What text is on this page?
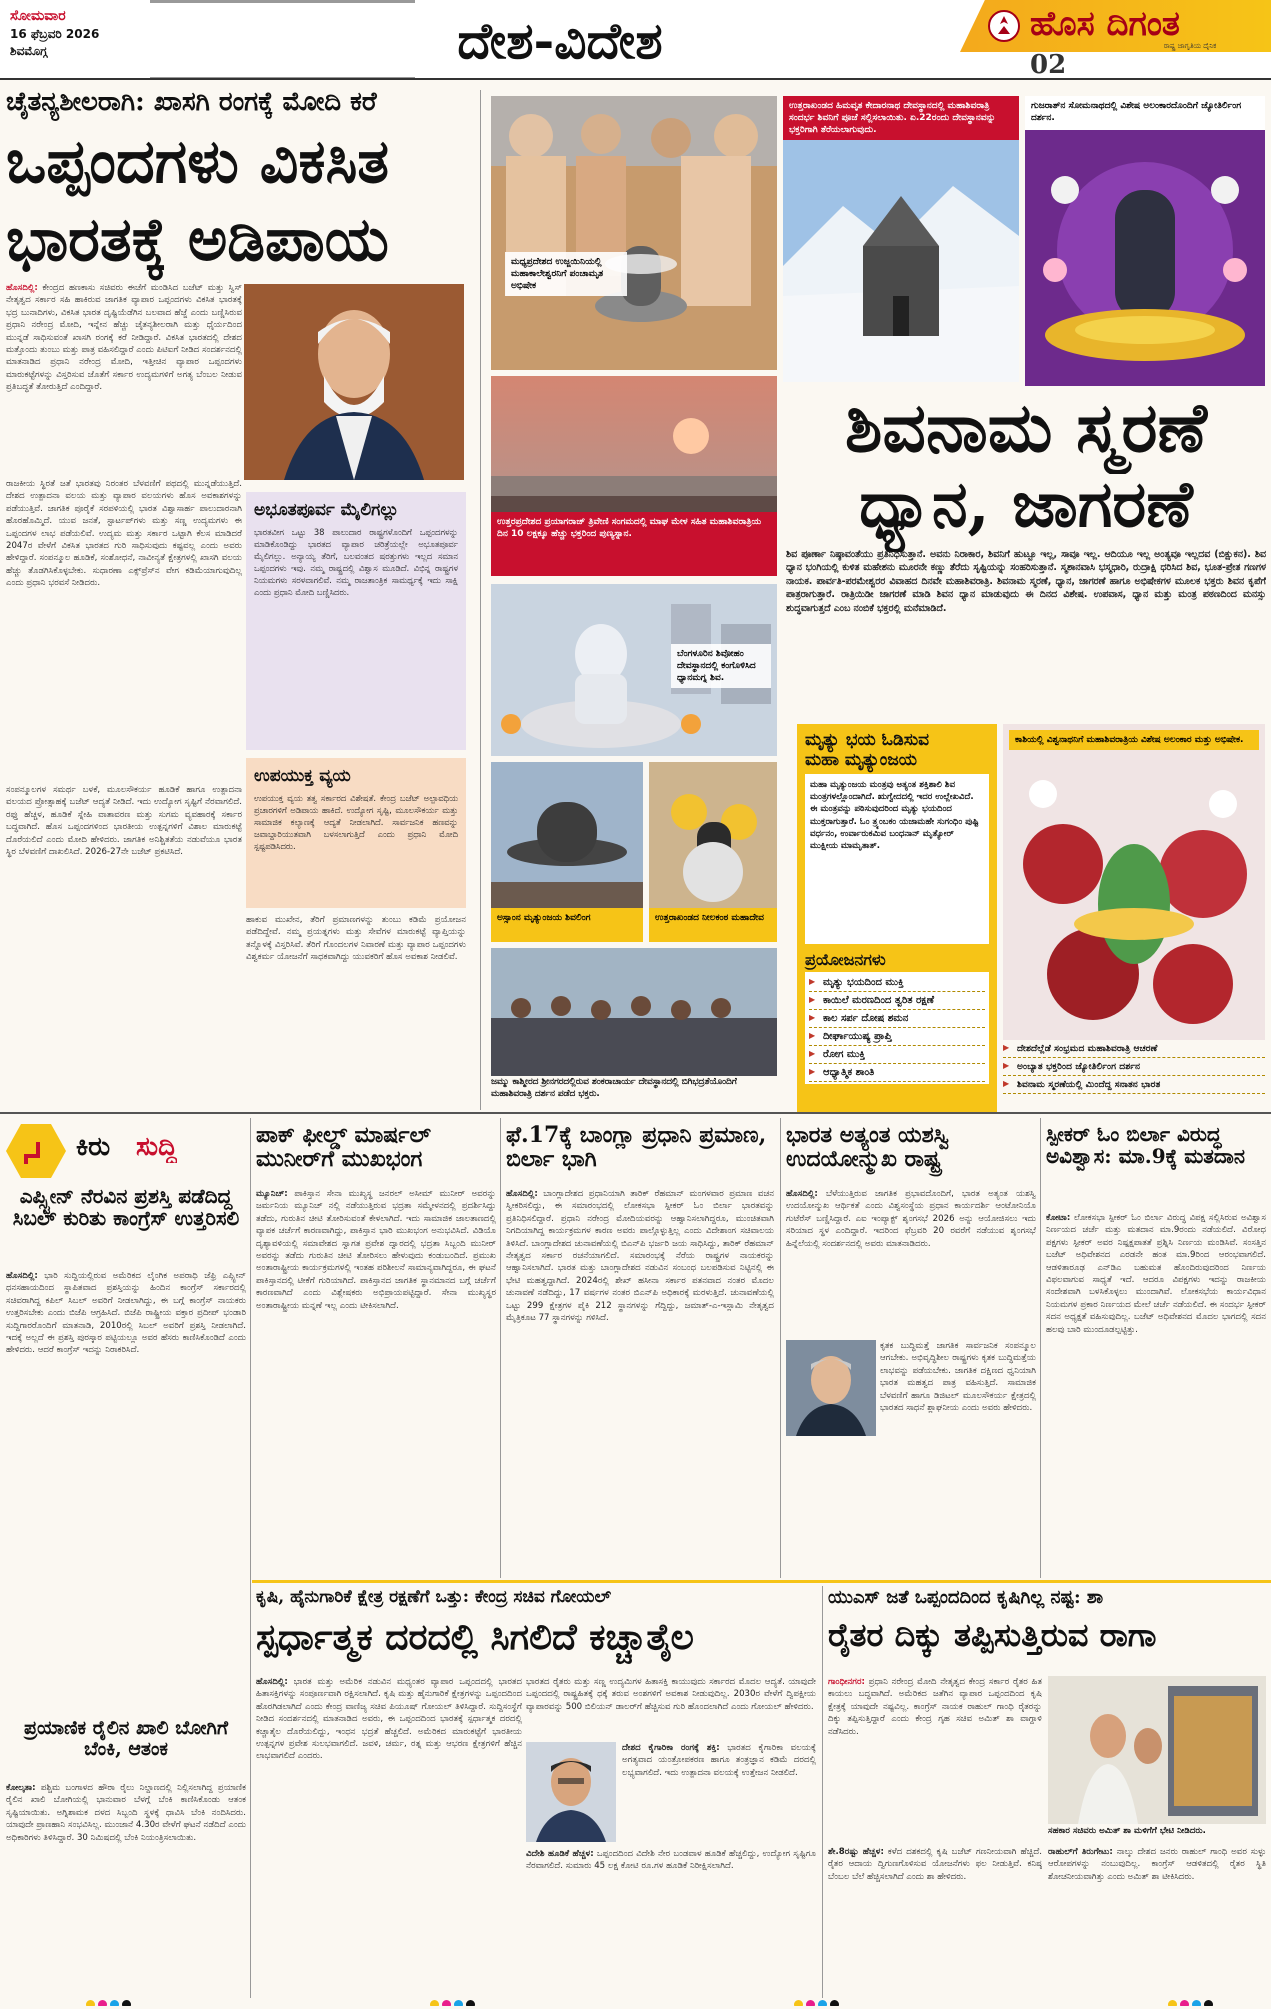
ಸೋಮವಾರ
16 ಫೆಬ್ರವರಿ 2026
ಶಿವಮೊಗ್ಗ	ದೇಶ-ವಿದೇಶ	ಹೊಸ ದಿಗಂತ
ರಾಷ್ಟ್ರ ಜಾಗೃತಿಯ ದೈನಿಕ
02
ಚೈತನ್ಯಶೀಲರಾಗಿ: ಖಾಸಗಿ ರಂಗಕ್ಕೆ ಮೋದಿ ಕರೆ
ಒಪ್ಪಂದಗಳು ವಿಕಸಿತ
ಭಾರತಕ್ಕೆ ಅಡಿಪಾಯ
ಹೊಸದಿಲ್ಲಿ: ಕೇಂದ್ರದ ಹಣಕಾಸು ಸಚಿವರು ಈಚೆಗೆ ಮಂಡಿಸಿದ ಬಜೆಟ್ ಮತ್ತು ಸ್ವಿಸ್ ನೇತೃತ್ವದ ಸರ್ಕಾರ ಸಹಿ ಹಾಕಿರುವ ಜಾಗತಿಕ ವ್ಯಾಪಾರ ಒಪ್ಪಂದಗಳು ವಿಕಸಿತ ಭಾರತಕ್ಕೆ ಭದ್ರ ಬುನಾದಿಗಳು, ವಿಕಸಿತ ಭಾರತ ದೃಷ್ಟಿಯೆಡೆಗಿನ ಬಲವಾದ ಹೆಜ್ಜೆ ಎಂದು ಬಣ್ಣಿಸಿರುವ ಪ್ರಧಾನಿ ನರೇಂದ್ರ ಮೋದಿ, ಇನ್ನೇನ ಹೆಚ್ಚು ಚೈತನ್ಯಶೀಲರಾಗಿ ಮತ್ತು ಧೈರ್ಯದಿಂದ ಮುನ್ನಡೆ ಸಾಧಿಸುವಂತೆ ಖಾಸಗಿ ರಂಗಕ್ಕೆ ಕರೆ ನೀಡಿದ್ದಾರೆ. ವಿಕಸಿತ ಭಾರತದಲ್ಲಿ ದೇಶದ ಮತ್ತೊಂದು ತುಂಬು ಮತ್ತು ಪಾತ್ರ ವಹಿಸಲಿದ್ದಾರೆ ಎಂದು ಪಿಟಿಐಗೆ ನೀಡಿದ ಸಂದರ್ಶನದಲ್ಲಿ ಮಾತನಾಡಿದ ಪ್ರಧಾನಿ ನರೇಂದ್ರ ಮೋದಿ, ಇತ್ತೀಚಿನ ವ್ಯಾಪಾರ ಒಪ್ಪಂದಗಳು ಮಾರುಕಟ್ಟೆಗಳನ್ನು ವಿಸ್ತರಿಸುವ ಜೊತೆಗೆ ಸರ್ಕಾರ ಉದ್ಯಮಗಳಿಗೆ ಅಗತ್ಯ ಬೆಂಬಲ ನೀಡುವ ಪ್ರತಿಬದ್ಧತೆ ತೋರುತ್ತಿದೆ ಎಂದಿದ್ದಾರೆ.
ರಾಜಕೀಯ ಸ್ಥಿರತೆ ಜತೆ ಭಾರತವು ನಿರಂತರ ಬೆಳವಣಿಗೆ ಪಥದಲ್ಲಿ ಮುನ್ನಡೆಯುತ್ತಿದೆ. ದೇಶದ ಉತ್ಪಾದನಾ ವಲಯ ಮತ್ತು ವ್ಯಾಪಾರ ವಲಯಗಳು ಹೊಸ ಅವಕಾಶಗಳನ್ನು ಪಡೆಯುತ್ತಿವೆ. ಜಾಗತಿಕ ಪೂರೈಕೆ ಸರಪಳಿಯಲ್ಲಿ ಭಾರತ ವಿಶ್ವಾಸಾರ್ಹ ಪಾಲುದಾರನಾಗಿ ಹೊರಹೊಮ್ಮಿದೆ. ಯುವ ಜನತೆ, ಸ್ಟಾರ್ಟಪ್‌ಗಳು ಮತ್ತು ಸಣ್ಣ ಉದ್ಯಮಗಳು ಈ ಒಪ್ಪಂದಗಳ ಲಾಭ ಪಡೆಯಲಿವೆ. ಉದ್ಯಮ ಮತ್ತು ಸರ್ಕಾರ ಒಟ್ಟಾಗಿ ಕೆಲಸ ಮಾಡಿದರೆ 2047ರ ವೇಳೆಗೆ ವಿಕಸಿತ ಭಾರತದ ಗುರಿ ಸಾಧಿಸುವುದು ಕಷ್ಟವಲ್ಲ ಎಂದು ಅವರು ಹೇಳಿದ್ದಾರೆ. ಸಂಪನ್ಮೂಲ ಹೂಡಿಕೆ, ಸಂಶೋಧನೆ, ನಾವೀನ್ಯತೆ ಕ್ಷೇತ್ರಗಳಲ್ಲಿ ಖಾಸಗಿ ವಲಯ ಹೆಚ್ಚು ತೊಡಗಿಸಿಕೊಳ್ಳಬೇಕು. ಸುಧಾರಣಾ ಎಕ್ಸ್‌ಪ್ರೆಸ್‌ನ ವೇಗ ಕಡಿಮೆಯಾಗುವುದಿಲ್ಲ ಎಂದು ಪ್ರಧಾನಿ ಭರವಸೆ ನೀಡಿದರು.
ಅಭೂತಪೂರ್ವ ಮೈಲಿಗಲ್ಲು
ಭಾರತವೀಗ ಒಟ್ಟು 38 ಪಾಲುದಾರ ರಾಷ್ಟ್ರಗಳೊಂದಿಗೆ ಒಪ್ಪಂದಗಳನ್ನು ಮಾಡಿಕೊಂಡಿದ್ದು ಭಾರತದ ವ್ಯಾಪಾರ ಚರಿತ್ರೆಯಲ್ಲೇ ಅಭೂತಪೂರ್ವ ಮೈಲಿಗಲ್ಲು. ಅನ್ಯಾಯ್ಯ ತೆರಿಗೆ, ಬಲವಂತದ ಷರತ್ತುಗಳು ಇಲ್ಲದ ಸಮಾನ ಒಪ್ಪಂದಗಳು ಇವು. ನಮ್ಮ ರಾಷ್ಟ್ರದಲ್ಲಿ ವಿಶ್ವಾಸ ಮೂಡಿದೆ. ವಿಭಿನ್ನ ರಾಷ್ಟ್ರಗಳ ನಿಯಮಗಳು ಸರಳವಾಗಲಿವೆ. ನಮ್ಮ ರಾಜತಾಂತ್ರಿಕ ಸಾಮರ್ಥ್ಯಕ್ಕೆ ಇದು ಸಾಕ್ಷಿ ಎಂದು ಪ್ರಧಾನಿ ಮೋದಿ ಬಣ್ಣಿಸಿದರು.
ಉಪಯುಕ್ತ ವ್ಯಯ
ಉಪಯುಕ್ತ ವ್ಯಯ ತತ್ವ ಸರ್ಕಾರದ ವಿಶೇಷತೆ. ಕೇಂದ್ರ ಬಜೆಟ್ ಅಲ್ಪಾವಧಿಯ ಪ್ರಚಾರಗಳಿಗೆ ಅಡಿಪಾಯ ಹಾಕಿದೆ. ಉದ್ಯೋಗ ಸೃಷ್ಟಿ, ಮೂಲಸೌಕರ್ಯ ಮತ್ತು ಸಾಮಾಜಿಕ ಕಲ್ಯಾಣಕ್ಕೆ ಆದ್ಯತೆ ನೀಡಲಾಗಿದೆ. ಸಾರ್ವಜನಿಕ ಹಣವನ್ನು ಜವಾಬ್ದಾರಿಯುತವಾಗಿ ಬಳಸಲಾಗುತ್ತಿದೆ ಎಂದು ಪ್ರಧಾನಿ ಮೋದಿ ಸ್ಪಷ್ಟಪಡಿಸಿದರು.
ಸಂಪನ್ಮೂಲಗಳ ಸಮರ್ಥ ಬಳಕೆ, ಮೂಲಸೌಕರ್ಯ ಹೂಡಿಕೆ ಹಾಗೂ ಉತ್ಪಾದನಾ ವಲಯದ ಪ್ರೋತ್ಸಾಹಕ್ಕೆ ಬಜೆಟ್ ಆದ್ಯತೆ ನೀಡಿದೆ. ಇದು ಉದ್ಯೋಗ ಸೃಷ್ಟಿಗೆ ನೆರವಾಗಲಿದೆ. ರಫ್ತು ಹೆಚ್ಚಳ, ಹೂಡಿಕೆ ಸ್ನೇಹಿ ವಾತಾವರಣ ಮತ್ತು ಸುಗಮ ವ್ಯವಹಾರಕ್ಕೆ ಸರ್ಕಾರ ಬದ್ಧವಾಗಿದೆ. ಹೊಸ ಒಪ್ಪಂದಗಳಿಂದ ಭಾರತೀಯ ಉತ್ಪನ್ನಗಳಿಗೆ ವಿಶಾಲ ಮಾರುಕಟ್ಟೆ ದೊರೆಯಲಿದೆ ಎಂದು ಮೋದಿ ಹೇಳಿದರು. ಜಾಗತಿಕ ಅನಿಶ್ಚಿತತೆಯ ನಡುವೆಯೂ ಭಾರತ ಸ್ಥಿರ ಬೆಳವಣಿಗೆ ದಾಖಲಿಸಿದೆ. 2026-27ನೇ ಬಜೆಟ್ ಪ್ರಕಟಿಸಿದೆ.
ಹಾಕುವ ಮುಖೇನ, ತೆರಿಗೆ ಪ್ರಮಾಣಗಳನ್ನು ತುಂಬು ಕಡಿಮೆ ಪ್ರಯೋಜನ ಪಡೆದಿದ್ದೇವೆ. ನಮ್ಮ ಪ್ರಯತ್ನಗಳು ಮತ್ತು ಸೇವೆಗಳ ಮಾರುಕಟ್ಟೆ ವ್ಯಾಪ್ತಿಯನ್ನು ತನ್ನೊಳಕ್ಕೆ ವಿಸ್ತರಿಸಿವೆ. ತೆರಿಗೆ ಗೊಂದಲಗಳ ನಿವಾರಣೆ ಮತ್ತು ವ್ಯಾಪಾರ ಒಪ್ಪಂದಗಳು ವಿಶ್ವಕರ್ಮ ಯೋಜನೆಗೆ ಸಾಧಕವಾಗಿದ್ದು ಯುವಕರಿಗೆ ಹೊಸ ಅವಕಾಶ ನೀಡಲಿವೆ.
ಮಧ್ಯಪ್ರದೇಶದ ಉಜ್ಜಯಿನಿಯಲ್ಲಿ ಮಹಾಕಾಲೇಶ್ವರನಿಗೆ ಪಂಚಾಮೃತ ಅಭಿಷೇಕ
ಉತ್ತರಾಖಂಡದ ಹಿಮವೃತ ಕೇದಾರನಾಥ ದೇವಸ್ಥಾನದಲ್ಲಿ ಮಹಾಶಿವರಾತ್ರಿ ಸಂದರ್ಭ ಶಿವನಿಗೆ ಪೂಜೆ ಸಲ್ಲಿಸಲಾಯಿತು. ಏ.22ರಂದು ದೇವಸ್ಥಾನವನ್ನು ಭಕ್ತರಿಗಾಗಿ ತೆರೆಯಲಾಗುವುದು.
ಗುಜರಾತ್‌ನ ಸೋಮನಾಥದಲ್ಲಿ ವಿಶೇಷ ಅಲಂಕಾರದೊಂದಿಗೆ ಜ್ಯೋತಿರ್ಲಿಂಗ ದರ್ಶನ.
ಉತ್ತರಪ್ರದೇಶದ ಪ್ರಯಾಗರಾಜ್ ತ್ರಿವೇಣಿ ಸಂಗಮದಲ್ಲಿ ಮಾಘ ಮೇಳ ಸಹಿತ ಮಹಾಶಿವರಾತ್ರಿಯ ದಿನ 10 ಲಕ್ಷಕ್ಕೂ ಹೆಚ್ಚು ಭಕ್ತರಿಂದ ಪುಣ್ಯಸ್ನಾನ.
ಶಿವನಾಮ ಸ್ಮರಣೆ
ಧ್ಯಾನ, ಜಾಗರಣೆ
ಶಿವ ಪೂರ್ಣಾ ನಿಷ್ಠಾವಂತೆಯು ಪ್ರತಿನಿಧಿಸುತ್ತಾನೆ. ಅವನು ನಿರಾಕಾರ, ಶಿವನಿಗೆ ಹುಟ್ಟೂ ಇಲ್ಲ, ಸಾವೂ ಇಲ್ಲ. ಆದಿಯೂ ಇಲ್ಲ ಅಂತ್ಯವೂ ಇಲ್ಲದವ (ಬಿಕ್ಷುಕನ). ಶಿವ ಧ್ಯಾನ ಭಂಗಿಯಲ್ಲಿ ಕುಳಿತ ಮಹೇಶನು ಮೂರನೇ ಕಣ್ಣು ತೆರೆದು ಸೃಷ್ಟಿಯನ್ನು ಸಂಹರಿಸುತ್ತಾನೆ. ಸ್ಮಶಾನವಾಸಿ ಭಸ್ಮಧಾರಿ, ರುದ್ರಾಕ್ಷಿ ಧರಿಸಿದ ಶಿವ, ಭೂತ-ಪ್ರೇತ ಗಣಗಳ ನಾಯಕ. ಪಾರ್ವತಿ-ಪರಮೇಶ್ವರರ ವಿವಾಹದ ದಿನವೇ ಮಹಾಶಿವರಾತ್ರಿ. ಶಿವನಾಮ ಸ್ಮರಣೆ, ಧ್ಯಾನ, ಜಾಗರಣೆ ಹಾಗೂ ಅಭಿಷೇಕಗಳ ಮೂಲಕ ಭಕ್ತರು ಶಿವನ ಕೃಪೆಗೆ ಪಾತ್ರರಾಗುತ್ತಾರೆ. ರಾತ್ರಿಯಿಡೀ ಜಾಗರಣೆ ಮಾಡಿ ಶಿವನ ಧ್ಯಾನ ಮಾಡುವುದು ಈ ದಿನದ ವಿಶೇಷ. ಉಪವಾಸ, ಧ್ಯಾನ ಮತ್ತು ಮಂತ್ರ ಪಠಣದಿಂದ ಮನಸ್ಸು ಶುದ್ಧವಾಗುತ್ತದೆ ಎಂಬ ನಂಬಿಕೆ ಭಕ್ತರಲ್ಲಿ ಮನೆಮಾಡಿದೆ.
ಬೆಂಗಳೂರಿನ ಶಿವೋಹಂ ದೇವಸ್ಥಾನದಲ್ಲಿ ಕಂಗೊಳಿಸಿದ ಧ್ಯಾನಮಗ್ನ ಶಿವ.
ಅಸ್ಸಾಂನ ಮೃತ್ಯುಂಜಯ ಶಿವಲಿಂಗ	ಉತ್ತರಾಖಂಡದ ನೀಲಕಂಠ ಮಹಾದೇವ
ಜಮ್ಮು ಕಾಶ್ಮೀರದ ಶ್ರೀನಗರದಲ್ಲಿರುವ ಶಂಕರಾಚಾರ್ಯ ದೇವಸ್ಥಾನದಲ್ಲಿ ಬಿಗಿಭದ್ರತೆಯೊಂದಿಗೆ ಮಹಾಶಿವರಾತ್ರಿ ದರ್ಶನ ಪಡೆದ ಭಕ್ತರು.
ಮೃತ್ಯು ಭಯ ಓಡಿಸುವ
ಮಹಾ ಮೃತ್ಯುಂಜಯ
ಮಹಾ ಮೃತ್ಯುಂಜಯ ಮಂತ್ರವು ಅತ್ಯಂತ ಶಕ್ತಿಶಾಲಿ ಶಿವ ಮಂತ್ರಗಳಲ್ಲೊಂದಾಗಿದೆ. ಋಗ್ವೇದದಲ್ಲಿ ಇದರ ಉಲ್ಲೇಖವಿದೆ. ಈ ಮಂತ್ರವನ್ನು ಪಠಿಸುವುದರಿಂದ ಮೃತ್ಯು ಭಯದಿಂದ ಮುಕ್ತರಾಗುತ್ತಾರೆ. ಓಂ ತ್ರ್ಯಂಬಕಂ ಯಜಾಮಹೇ ಸುಗಂಧಿಂ ಪುಷ್ಟಿ ವರ್ಧನಂ, ಉರ್ವಾರುಕಮಿವ ಬಂಧನಾನ್ ಮೃತ್ಯೋರ್ ಮುಕ್ಷೀಯ ಮಾಮೃತಾತ್.
ಪ್ರಯೋಜನಗಳು
▶ ಮೃತ್ಯು ಭಯದಿಂದ ಮುಕ್ತಿ
▶ ಕಾಯಿಲೆ ಮರಣದಿಂದ ತ್ವರಿತ ರಕ್ಷಣೆ
▶ ಕಾಲ ಸರ್ಪ ದೋಷ ಶಮನ
▶ ದೀರ್ಘಾಯುಷ್ಯ ಪ್ರಾಪ್ತಿ
▶ ರೋಗ ಮುಕ್ತಿ
▶ ಆಧ್ಯಾತ್ಮಿಕ ಶಾಂತಿ
ಕಾಶಿಯಲ್ಲಿ ವಿಶ್ವನಾಥನಿಗೆ ಮಹಾಶಿವರಾತ್ರಿಯ ವಿಶೇಷ ಅಲಂಕಾರ ಮತ್ತು ಅಭಿಷೇಕ.
▶ ದೇಶದೆಲ್ಲೆಡೆ ಸಂಭ್ರಮದ ಮಹಾಶಿವರಾತ್ರಿ ಆಚರಣೆ
▶ ಅಂಬ್ಯಾತ ಭಕ್ತರಿಂದ ಜ್ಯೋತಿರ್ಲಿಂಗ ದರ್ಶನ
▶ ಶಿವನಾಮ ಸ್ಮರಣೆಯಲ್ಲಿ ಮಿಂದೆದ್ದ ಸನಾತನ ಭಾರತ
ಕಿರು ಸುದ್ದಿ
ಎಪ್ಸ್ಟೀನ್ ನೆರವಿನ ಪ್ರಶಸ್ತಿ ಪಡೆದಿದ್ದ ಸಿಬಲ್ ಕುರಿತು ಕಾಂಗ್ರೆಸ್ ಉತ್ತರಿಸಲಿ
ಹೊಸದಿಲ್ಲಿ: ಭಾರಿ ಸುದ್ದಿಯಲ್ಲಿರುವ ಅಮೆರಿಕದ ಲೈಂಗಿಕ ಅಪರಾಧಿ ಜೆಫ್ರಿ ಎಪ್ಸ್ಟೀನ್ ಧನಸಹಾಯದಿಂದ ಸ್ಥಾಪಿತವಾದ ಪ್ರಶಸ್ತಿಯನ್ನು ಹಿಂದಿನ ಕಾಂಗ್ರೆಸ್ ಸರ್ಕಾರದಲ್ಲಿ ಸಚಿವರಾಗಿದ್ದ ಕಪಿಲ್ ಸಿಬಲ್ ಅವರಿಗೆ ನೀಡಲಾಗಿದ್ದು, ಈ ಬಗ್ಗೆ ಕಾಂಗ್ರೆಸ್ ನಾಯಕರು ಉತ್ತರಿಸಬೇಕು ಎಂದು ಬಿಜೆಪಿ ಆಗ್ರಹಿಸಿದೆ. ಬಿಜೆಪಿ ರಾಷ್ಟ್ರೀಯ ವಕ್ತಾರ ಪ್ರದೀಪ್ ಭಂಡಾರಿ ಸುದ್ದಿಗಾರರೊಂದಿಗೆ ಮಾತನಾಡಿ, 2010ರಲ್ಲಿ ಸಿಬಲ್ ಅವರಿಗೆ ಪ್ರಶಸ್ತಿ ನೀಡಲಾಗಿದೆ. ಇದಕ್ಕೆ ಅಲ್ಲದೆ ಈ ಪ್ರಶಸ್ತಿ ಪುರಸ್ಕಾರ ಪಟ್ಟಿಯಲ್ಲೂ ಅವರ ಹೆಸರು ಕಾಣಿಸಿಕೊಂಡಿದೆ ಎಂದು ಹೇಳಿದರು. ಆದರೆ ಕಾಂಗ್ರೆಸ್ ಇದನ್ನು ನಿರಾಕರಿಸಿದೆ.
ಪ್ರಯಾಣಿಕ ರೈಲಿನ ಖಾಲಿ ಬೋಗಿಗೆ ಬೆಂಕಿ, ಆತಂಕ
ಕೋಲ್ಕತಾ: ಪಶ್ಚಿಮ ಬಂಗಾಳದ ಹೌರಾ ರೈಲು ನಿಲ್ದಾಣದಲ್ಲಿ ನಿಲ್ಲಿಸಲಾಗಿದ್ದ ಪ್ರಯಾಣಿಕ ರೈಲಿನ ಖಾಲಿ ಬೋಗಿಯಲ್ಲಿ ಭಾನುವಾರ ಬೆಳಗ್ಗೆ ಬೆಂಕಿ ಕಾಣಿಸಿಕೊಂಡು ಆತಂಕ ಸೃಷ್ಟಿಯಾಯಿತು. ಅಗ್ನಿಶಾಮಕ ದಳದ ಸಿಬ್ಬಂದಿ ಸ್ಥಳಕ್ಕೆ ಧಾವಿಸಿ ಬೆಂಕಿ ನಂದಿಸಿದರು. ಯಾವುದೇ ಪ್ರಾಣಹಾನಿ ಸಂಭವಿಸಿಲ್ಲ. ಮುಂಜಾನೆ 4.30ರ ವೇಳೆಗೆ ಘಟನೆ ನಡೆದಿದೆ ಎಂದು ಅಧಿಕಾರಿಗಳು ತಿಳಿಸಿದ್ದಾರೆ. 30 ನಿಮಿಷದಲ್ಲಿ ಬೆಂಕಿ ನಿಯಂತ್ರಿಸಲಾಯಿತು.
ಪಾಕ್ ಫೀಲ್ಡ್ ಮಾರ್ಷಲ್ ಮುನೀರ್‌ಗೆ ಮುಖಭಂಗ
ಮ್ಯೂನಿಚ್: ಪಾಕಿಸ್ತಾನ ಸೇನಾ ಮುಖ್ಯಸ್ಥ ಜನರಲ್ ಅಸೀಮ್ ಮುನೀರ್ ಅವರನ್ನು ಜರ್ಮನಿಯ ಮ್ಯೂನಿಚ್ ನಲ್ಲಿ ನಡೆಯುತ್ತಿರುವ ಭದ್ರತಾ ಸಮ್ಮೇಳನದಲ್ಲಿ ಪ್ರದರ್ಶಿಸಿದ್ದು ತಡೆದು, ಗುರುತಿನ ಚೀಟಿ ತೋರಿಸುವಂತೆ ಕೇಳಲಾಗಿದೆ. ಇದು ಸಾಮಾಜಿಕ ಜಾಲತಾಣದಲ್ಲಿ ವ್ಯಾಪಕ ಚರ್ಚೆಗೆ ಕಾರಣವಾಗಿದ್ದು, ಪಾಕಿಸ್ತಾನ ಭಾರಿ ಮುಖಭಂಗ ಅನುಭವಿಸಿದೆ. ವಿಡಿಯೊ ದೃಶ್ಯಾವಳಿಯಲ್ಲಿ ಸಮಾವೇಶದ ಸ್ವಾಗತ ಪ್ರವೇಶ ದ್ವಾರದಲ್ಲಿ ಭದ್ರತಾ ಸಿಬ್ಬಂದಿ ಮುನೀರ್ ಅವರನ್ನು ತಡೆದು ಗುರುತಿನ ಚೀಟಿ ತೋರಿಸಲು ಹೇಳುವುದು ಕಂಡುಬಂದಿದೆ. ಪ್ರಮುಖ ಅಂತಾರಾಷ್ಟ್ರೀಯ ಕಾರ್ಯಕ್ರಮಗಳಲ್ಲಿ ಇಂತಹ ಪರಿಶೀಲನೆ ಸಾಮಾನ್ಯವಾಗಿದ್ದರೂ, ಈ ಘಟನೆ ಪಾಕಿಸ್ತಾನದಲ್ಲಿ ಟೀಕೆಗೆ ಗುರಿಯಾಗಿದೆ. ಪಾಕಿಸ್ತಾನದ ಜಾಗತಿಕ ಸ್ಥಾನಮಾನದ ಬಗ್ಗೆ ಚರ್ಚೆಗೆ ಕಾರಣವಾಗಿದೆ ಎಂದು ವಿಶ್ಲೇಷಕರು ಅಭಿಪ್ರಾಯಪಟ್ಟಿದ್ದಾರೆ. ಸೇನಾ ಮುಖ್ಯಸ್ಥರ ಅಂತಾರಾಷ್ಟ್ರೀಯ ಮನ್ನಣೆ ಇಲ್ಲ ಎಂದು ಟೀಕಿಸಲಾಗಿದೆ.
ಫೆ.17ಕ್ಕೆ ಬಾಂಗ್ಲಾ ಪ್ರಧಾನಿ ಪ್ರಮಾಣ, ಬಿರ್ಲಾ ಭಾಗಿ
ಹೊಸದಿಲ್ಲಿ: ಬಾಂಗ್ಲಾದೇಶದ ಪ್ರಧಾನಿಯಾಗಿ ತಾರಿಕ್ ರೆಹಮಾನ್ ಮಂಗಳವಾರ ಪ್ರಮಾಣ ವಚನ ಸ್ವೀಕರಿಸಲಿದ್ದು, ಈ ಸಮಾರಂಭದಲ್ಲಿ ಲೋಕಸಭಾ ಸ್ಪೀಕರ್ ಓಂ ಬಿರ್ಲಾ ಭಾರತವನ್ನು ಪ್ರತಿನಿಧಿಸಲಿದ್ದಾರೆ. ಪ್ರಧಾನಿ ನರೇಂದ್ರ ಮೋದಿಯವರನ್ನು ಆಹ್ವಾನಿಸಲಾಗಿದ್ದರೂ, ಮುಂಚಿತವಾಗಿ ನಿಗದಿಯಾಗಿದ್ದ ಕಾರ್ಯಕ್ರಮಗಳ ಕಾರಣ ಅವರು ಪಾಲ್ಗೊಳ್ಳುತ್ತಿಲ್ಲ ಎಂದು ವಿದೇಶಾಂಗ ಸಚಿವಾಲಯ ತಿಳಿಸಿದೆ. ಬಾಂಗ್ಲಾದೇಶದ ಚುನಾವಣೆಯಲ್ಲಿ ಬಿಎನ್‌ಪಿ ಭರ್ಜರಿ ಜಯ ಸಾಧಿಸಿದ್ದು, ತಾರಿಕ್ ರೆಹಮಾನ್ ನೇತೃತ್ವದ ಸರ್ಕಾರ ರಚನೆಯಾಗಲಿದೆ. ಸಮಾರಂಭಕ್ಕೆ ನೆರೆಯ ರಾಷ್ಟ್ರಗಳ ನಾಯಕರನ್ನು ಆಹ್ವಾನಿಸಲಾಗಿದೆ. ಭಾರತ ಮತ್ತು ಬಾಂಗ್ಲಾದೇಶದ ನಡುವಿನ ಸಂಬಂಧ ಬಲಪಡಿಸುವ ನಿಟ್ಟಿನಲ್ಲಿ ಈ ಭೇಟಿ ಮಹತ್ವದ್ದಾಗಿದೆ. 2024ರಲ್ಲಿ ಶೇಖ್ ಹಸೀನಾ ಸರ್ಕಾರ ಪತನವಾದ ನಂತರ ಮೊದಲ ಚುನಾವಣೆ ನಡೆದಿದ್ದು, 17 ವರ್ಷಗಳ ನಂತರ ಬಿಎನ್‌ಪಿ ಅಧಿಕಾರಕ್ಕೆ ಮರಳುತ್ತಿದೆ. ಚುನಾವಣೆಯಲ್ಲಿ ಒಟ್ಟು 299 ಕ್ಷೇತ್ರಗಳ ಪೈಕಿ 212 ಸ್ಥಾನಗಳನ್ನು ಗೆದ್ದಿದ್ದು, ಜಮಾತ್-ಎ-ಇಸ್ಲಾಮಿ ನೇತೃತ್ವದ ಮೈತ್ರಿಕೂಟ 77 ಸ್ಥಾನಗಳನ್ನು ಗಳಿಸಿದೆ.
ಭಾರತ ಅತ್ಯಂತ ಯಶಸ್ವಿ ಉದಯೋನ್ಮುಖ ರಾಷ್ಟ್ರ
ಹೊಸದಿಲ್ಲಿ: ಬೆಳೆಯುತ್ತಿರುವ ಜಾಗತಿಕ ಪ್ರಭಾವದೊಂದಿಗೆ, ಭಾರತ ಅತ್ಯಂತ ಯಶಸ್ವಿ ಉದಯೋನ್ಮುಖ ಆರ್ಥಿಕತೆ ಎಂದು ವಿಶ್ವಸಂಸ್ಥೆಯ ಪ್ರಧಾನ ಕಾರ್ಯದರ್ಶಿ ಆಂಟೋನಿಯೊ ಗುಟೆರೆಸ್ ಬಣ್ಣಿಸಿದ್ದಾರೆ. ಎಐ ಇಂಪ್ಯಾಕ್ಟ್ ಶೃಂಗಸಭೆ 2026 ಅನ್ನು ಆಯೋಜಿಸಲು ಇದು ಸರಿಯಾದ ಸ್ಥಳ ಎಂದಿದ್ದಾರೆ. ಇದರಿಂದ ಫೆಬ್ರವರಿ 20 ರವರೆಗೆ ನಡೆಯುವ ಶೃಂಗಸಭೆ ಹಿನ್ನೆಲೆಯಲ್ಲಿ ಸಂದರ್ಶನದಲ್ಲಿ ಅವರು ಮಾತನಾಡಿದರು.
ಕೃತಕ ಬುದ್ಧಿಮತ್ತೆ ಜಾಗತಿಕ ಸಾರ್ವಜನಿಕ ಸಂಪನ್ಮೂಲ ಆಗಬೇಕು. ಅಭಿವೃದ್ಧಿಶೀಲ ರಾಷ್ಟ್ರಗಳು ಕೃತಕ ಬುದ್ಧಿಮತ್ತೆಯ ಲಾಭವನ್ನು ಪಡೆಯಬೇಕು. ಜಾಗತಿಕ ದಕ್ಷಿಣದ ಧ್ವನಿಯಾಗಿ ಭಾರತ ಮಹತ್ವದ ಪಾತ್ರ ವಹಿಸುತ್ತಿದೆ. ಸಾಮಾಜಿಕ ಬೆಳವಣಿಗೆ ಹಾಗೂ ಡಿಜಿಟಲ್ ಮೂಲಸೌಕರ್ಯ ಕ್ಷೇತ್ರದಲ್ಲಿ ಭಾರತದ ಸಾಧನೆ ಶ್ಲಾಘನೀಯ ಎಂದು ಅವರು ಹೇಳಿದರು.
ಸ್ಪೀಕರ್ ಓಂ ಬಿರ್ಲಾ ವಿರುದ್ಧ ಅವಿಶ್ವಾಸ: ಮಾ.9ಕ್ಕೆ ಮತದಾನ
ಕೋಟಾ: ಲೋಕಸಭಾ ಸ್ಪೀಕರ್ ಓಂ ಬಿರ್ಲಾ ವಿರುದ್ಧ ವಿಪಕ್ಷ ಸಲ್ಲಿಸಿರುವ ಅವಿಶ್ವಾಸ ನಿರ್ಣಯದ ಚರ್ಚೆ ಮತ್ತು ಮತದಾನ ಮಾ.9ರಂದು ನಡೆಯಲಿದೆ. ವಿರೋಧ ಪಕ್ಷಗಳು ಸ್ಪೀಕರ್ ಅವರ ನಿಷ್ಪಕ್ಷಪಾತತೆ ಪ್ರಶ್ನಿಸಿ ನಿರ್ಣಯ ಮಂಡಿಸಿವೆ. ಸಂಸತ್ತಿನ ಬಜೆಟ್ ಅಧಿವೇಶನದ ಎರಡನೇ ಹಂತ ಮಾ.9ರಿಂದ ಆರಂಭವಾಗಲಿದೆ. ಆಡಳಿತಾರೂಢ ಎನ್‌ಡಿಎ ಬಹುಮತ ಹೊಂದಿರುವುದರಿಂದ ನಿರ್ಣಯ ವಿಫಲವಾಗುವ ಸಾಧ್ಯತೆ ಇದೆ. ಆದರೂ ವಿಪಕ್ಷಗಳು ಇದನ್ನು ರಾಜಕೀಯ ಸಂದೇಶವಾಗಿ ಬಳಸಿಕೊಳ್ಳಲು ಮುಂದಾಗಿವೆ. ಲೋಕಸಭೆಯ ಕಾರ್ಯವಿಧಾನ ನಿಯಮಗಳ ಪ್ರಕಾರ ನಿರ್ಣಯದ ಮೇಲೆ ಚರ್ಚೆ ನಡೆಯಲಿದೆ. ಈ ಸಂದರ್ಭ ಸ್ಪೀಕರ್ ಸದನ ಅಧ್ಯಕ್ಷತೆ ವಹಿಸುವುದಿಲ್ಲ. ಬಜೆಟ್ ಅಧಿವೇಶನದ ಮೊದಲ ಭಾಗದಲ್ಲಿ ಸದನ ಹಲವು ಬಾರಿ ಮುಂದೂಡಲ್ಪಟ್ಟಿತ್ತು.
ಕೃಷಿ, ಹೈನುಗಾರಿಕೆ ಕ್ಷೇತ್ರ ರಕ್ಷಣೆಗೆ ಒತ್ತು: ಕೇಂದ್ರ ಸಚಿವ ಗೋಯಲ್
ಸ್ಪರ್ಧಾತ್ಮಕ ದರದಲ್ಲಿ ಸಿಗಲಿದೆ ಕಚ್ಚಾತೈಲ
ಹೊಸದಿಲ್ಲಿ: ಭಾರತ ಮತ್ತು ಅಮೆರಿಕ ನಡುವಿನ ಮಧ್ಯಂತರ ವ್ಯಾಪಾರ ಒಪ್ಪಂದದಲ್ಲಿ ಭಾರತದ ಹಿತಾಸಕ್ತಿಗಳನ್ನು ಸಂಪೂರ್ಣವಾಗಿ ರಕ್ಷಿಸಲಾಗಿದೆ. ಕೃಷಿ ಮತ್ತು ಹೈನುಗಾರಿಕೆ ಕ್ಷೇತ್ರಗಳನ್ನು ಒಪ್ಪಂದದಿಂದ ಹೊರಗಿಡಲಾಗಿದೆ ಎಂದು ಕೇಂದ್ರ ವಾಣಿಜ್ಯ ಸಚಿವ ಪಿಯೂಷ್ ಗೋಯಲ್ ತಿಳಿಸಿದ್ದಾರೆ. ಸುದ್ದಿಸಂಸ್ಥೆಗೆ ನೀಡಿದ ಸಂದರ್ಶನದಲ್ಲಿ ಮಾತನಾಡಿದ ಅವರು, ಈ ಒಪ್ಪಂದದಿಂದ ಭಾರತಕ್ಕೆ ಸ್ಪರ್ಧಾತ್ಮಕ ದರದಲ್ಲಿ ಕಚ್ಚಾತೈಲ ದೊರೆಯಲಿದ್ದು, ಇಂಧನ ಭದ್ರತೆ ಹೆಚ್ಚಲಿದೆ. ಅಮೆರಿಕದ ಮಾರುಕಟ್ಟೆಗೆ ಭಾರತೀಯ ಉತ್ಪನ್ನಗಳ ಪ್ರವೇಶ ಸುಲಭವಾಗಲಿದೆ. ಜವಳಿ, ಚರ್ಮ, ರತ್ನ ಮತ್ತು ಆಭರಣ ಕ್ಷೇತ್ರಗಳಿಗೆ ಹೆಚ್ಚಿನ ಲಾಭವಾಗಲಿದೆ ಎಂದರು.
ಭಾರತದ ರೈತರು ಮತ್ತು ಸಣ್ಣ ಉದ್ಯಮಿಗಳ ಹಿತಾಸಕ್ತಿ ಕಾಯುವುದು ಸರ್ಕಾರದ ಮೊದಲ ಆದ್ಯತೆ. ಯಾವುದೇ ಒಪ್ಪಂದದಲ್ಲಿ ರಾಷ್ಟ್ರಹಿತಕ್ಕೆ ಧಕ್ಕೆ ತರುವ ಅಂಶಗಳಿಗೆ ಅವಕಾಶ ನೀಡುವುದಿಲ್ಲ. 2030ರ ವೇಳೆಗೆ ದ್ವಿಪಕ್ಷೀಯ ವ್ಯಾಪಾರವನ್ನು 500 ಬಿಲಿಯನ್ ಡಾಲರ್‌ಗೆ ಹೆಚ್ಚಿಸುವ ಗುರಿ ಹೊಂದಲಾಗಿದೆ ಎಂದು ಗೋಯಲ್ ಹೇಳಿದರು.
ದೇಶದ ಕೈಗಾರಿಕಾ ರಂಗಕ್ಕೆ ಶಕ್ತಿ: ಭಾರತದ ಕೈಗಾರಿಕಾ ವಲಯಕ್ಕೆ ಅಗತ್ಯವಾದ ಯಂತ್ರೋಪಕರಣ ಹಾಗೂ ತಂತ್ರಜ್ಞಾನ ಕಡಿಮೆ ದರದಲ್ಲಿ ಲಭ್ಯವಾಗಲಿದೆ. ಇದು ಉತ್ಪಾದನಾ ವಲಯಕ್ಕೆ ಉತ್ತೇಜನ ನೀಡಲಿದೆ.
ವಿದೇಶಿ ಹೂಡಿಕೆ ಹೆಚ್ಚಳ: ಒಪ್ಪಂದದಿಂದ ವಿದೇಶಿ ನೇರ ಬಂಡವಾಳ ಹೂಡಿಕೆ ಹೆಚ್ಚಲಿದ್ದು, ಉದ್ಯೋಗ ಸೃಷ್ಟಿಗೂ ನೆರವಾಗಲಿದೆ. ಸುಮಾರು 45 ಲಕ್ಷ ಕೋಟಿ ರೂ.ಗಳ ಹೂಡಿಕೆ ನಿರೀಕ್ಷಿಸಲಾಗಿದೆ.
ಯುಎಸ್ ಜತೆ ಒಪ್ಪಂದದಿಂದ ಕೃಷಿಗಿಲ್ಲ ನಷ್ಟ: ಶಾ
ರೈತರ ದಿಕ್ಕು ತಪ್ಪಿಸುತ್ತಿರುವ ರಾಗಾ
ಗಾಂಧೀನಗರ: ಪ್ರಧಾನಿ ನರೇಂದ್ರ ಮೋದಿ ನೇತೃತ್ವದ ಕೇಂದ್ರ ಸರ್ಕಾರ ರೈತರ ಹಿತ ಕಾಯಲು ಬದ್ಧವಾಗಿದೆ. ಅಮೆರಿಕದ ಜತೆಗಿನ ವ್ಯಾಪಾರ ಒಪ್ಪಂದದಿಂದ ಕೃಷಿ ಕ್ಷೇತ್ರಕ್ಕೆ ಯಾವುದೇ ನಷ್ಟವಿಲ್ಲ. ಕಾಂಗ್ರೆಸ್ ನಾಯಕ ರಾಹುಲ್ ಗಾಂಧಿ ರೈತರನ್ನು ದಿಕ್ಕು ತಪ್ಪಿಸುತ್ತಿದ್ದಾರೆ ಎಂದು ಕೇಂದ್ರ ಗೃಹ ಸಚಿವ ಅಮಿತ್ ಶಾ ವಾಗ್ದಾಳಿ ನಡೆಸಿದರು.
ಶೇ.8ರಷ್ಟು ಹೆಚ್ಚಳ: ಕಳೆದ ದಶಕದಲ್ಲಿ ಕೃಷಿ ಬಜೆಟ್ ಗಣನೀಯವಾಗಿ ಹೆಚ್ಚಿದೆ. ರೈತರ ಆದಾಯ ದ್ವಿಗುಣಗೊಳಿಸುವ ಯೋಜನೆಗಳು ಫಲ ನೀಡುತ್ತಿವೆ. ಕನಿಷ್ಠ ಬೆಂಬಲ ಬೆಲೆ ಹೆಚ್ಚಿಸಲಾಗಿದೆ ಎಂದು ಶಾ ಹೇಳಿದರು.
ಸಹಕಾರ ಸಚಿವರು ಅಮಿತ್ ಶಾ ಮಳಿಗೆಗೆ ಭೇಟಿ ನೀಡಿದರು.
ರಾಹುಲ್‌ಗೆ ತಿರುಗೇಟು: ನಾಲ್ಕು ದೇಶದ ಜನರು ರಾಹುಲ್ ಗಾಂಧಿ ಅವರ ಸುಳ್ಳು ಆರೋಪಗಳನ್ನು ನಂಬುವುದಿಲ್ಲ. ಕಾಂಗ್ರೆಸ್ ಆಡಳಿತದಲ್ಲಿ ರೈತರ ಸ್ಥಿತಿ ಶೋಚನೀಯವಾಗಿತ್ತು ಎಂದು ಅಮಿತ್ ಶಾ ಟೀಕಿಸಿದರು.
